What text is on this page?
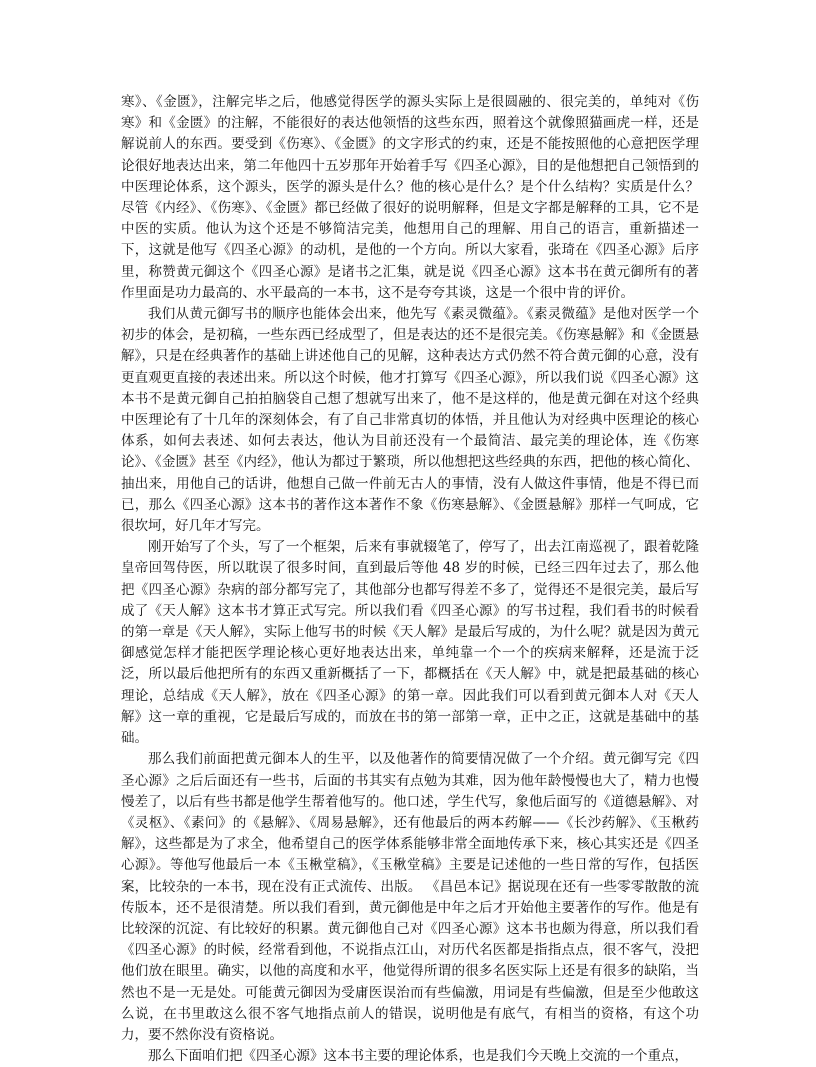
寒》、《金匮》，注解完毕之后，他感觉得医学的源头实际上是很圆融的、很完美的，单纯对《伤寒》和《金匮》的注解，不能很好的表达他领悟的这些东西，照着这个就像照猫画虎一样，还是解说前人的东西。要受到《伤寒》、《金匮》的文字形式的约束，还是不能按照他的心意把医学理论很好地表达出来，第二年他四十五岁那年开始着手写《四圣心源》，目的是他想把自己领悟到的中医理论体系，这个源头，医学的源头是什么？他的核心是什么？是个什么结构？实质是什么？尽管《内经》、《伤寒》、《金匮》都已经做了很好的说明解释，但是文字都是解释的工具，它不是中医的实质。他认为这个还是不够简洁完美，他想用自己的理解、用自己的语言，重新描述一下，这就是他写《四圣心源》的动机，是他的一个方向。所以大家看，张琦在《四圣心源》后序里，称赞黄元御这个《四圣心源》是诸书之汇集，就是说《四圣心源》这本书在黄元御所有的著作里面是功力最高的、水平最高的一本书，这不是夸夸其谈，这是一个很中肯的评价。

我们从黄元御写书的顺序也能体会出来，他先写《素灵微蕴》。《素灵微蕴》是他对医学一个初步的体会，是初稿，一些东西已经成型了，但是表达的还不是很完美。《伤寒悬解》和《金匮悬解》，只是在经典著作的基础上讲述他自己的见解，这种表达方式仍然不符合黄元御的心意，没有更直观更直接的表述出来。所以这个时候，他才打算写《四圣心源》，所以我们说《四圣心源》这本书不是黄元御自己拍拍脑袋自己想了想就写出来了，他不是这样的，他是黄元御在对这个经典中医理论有了十几年的深刻体会，有了自己非常真切的体悟，并且他认为对经典中医理论的核心体系，如何去表述、如何去表达，他认为目前还没有一个最简洁、最完美的理论体，连《伤寒论》、《金匮》甚至《内经》，他认为都过于繁琐，所以他想把这些经典的东西，把他的核心简化、抽出来，用他自己的话讲，他想自己做一件前无古人的事情，没有人做这件事情，他是不得已而已，那么《四圣心源》这本书的著作这本著作不象《伤寒悬解》、《金匮悬解》那样一气呵成，它很坎坷，好几年才写完。

刚开始写了个头，写了一个框架，后来有事就辍笔了，停写了，出去江南巡视了，跟着乾隆皇帝回驾侍医，所以耽误了很多时间，直到最后等他 48 岁的时候，已经三四年过去了，那么他把《四圣心源》杂病的部分都写完了，其他部分也都写得差不多了，觉得还不是很完美，最后写成了《天人解》这本书才算正式写完。所以我们看《四圣心源》的写书过程，我们看书的时候看的第一章是《天人解》，实际上他写书的时候《天人解》是最后写成的，为什么呢？就是因为黄元御感觉怎样才能把医学理论核心更好地表达出来，单纯靠一个一个的疾病来解释，还是流于泛泛，所以最后他把所有的东西又重新概括了一下，都概括在《天人解》中，就是把最基础的核心理论，总结成《天人解》，放在《四圣心源》的第一章。因此我们可以看到黄元御本人对《天人解》这一章的重视，它是最后写成的，而放在书的第一部第一章，正中之正，这就是基础中的基础。

那么我们前面把黄元御本人的生平，以及他著作的简要情况做了一个介绍。黄元御写完《四圣心源》之后后面还有一些书，后面的书其实有点勉为其难，因为他年龄慢慢也大了，精力也慢慢差了，以后有些书都是他学生帮着他写的。他口述，学生代写，象他后面写的《道德悬解》、对《灵枢》、《素问》的《悬解》、《周易悬解》，还有他最后的两本药解——《长沙药解》、《玉楸药解》，这些都是为了求全，他希望自己的医学体系能够非常全面地传承下来，核心其实还是《四圣心源》。等他写他最后一本《玉楸堂稿》，《玉楸堂稿》主要是记述他的一些日常的写作，包括医案，比较杂的一本书，现在没有正式流传、出版。 《昌邑本记》据说现在还有一些零零散散的流传版本，还不是很清楚。所以我们看到，黄元御他是中年之后才开始他主要著作的写作。他是有比较深的沉淀、有比较好的积累。黄元御他自己对《四圣心源》这本书也颇为得意，所以我们看《四圣心源》的时候，经常看到他，不说指点江山，对历代名医都是指指点点，很不客气，没把他们放在眼里。确实，以他的高度和水平，他觉得所谓的很多名医实际上还是有很多的缺陷，当然也不是一无是处。可能黄元御因为受庸医误治而有些偏激，用词是有些偏激，但是至少他敢这么说，在书里敢这么很不客气地指点前人的错误，说明他是有底气，有相当的资格，有这个功力，要不然你没有资格说。

那么下面咱们把《四圣心源》这本书主要的理论体系，也是我们今天晚上交流的一个重点，
